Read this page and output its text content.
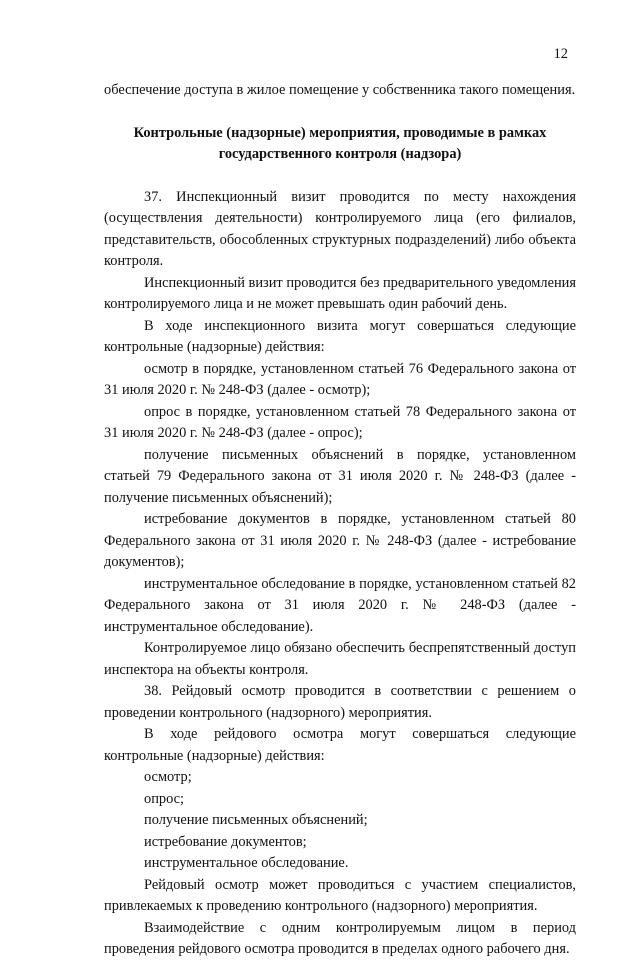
12

обеспечение доступа в жилое помещение у собственника такого помещения.

Контрольные (надзорные) мероприятия, проводимые в рамках
государственного контроля (надзора)

37. Инспекционный визит проводится по месту нахождения (осуществления деятельности) контролируемого лица (его филиалов, представительств, обособленных структурных подразделений) либо объекта контроля.

Инспекционный визит проводится без предварительного уведомления контролируемого лица и не может превышать один рабочий день.

В ходе инспекционного визита могут совершаться следующие контрольные (надзорные) действия:

осмотр в порядке, установленном статьей 76 Федерального закона от 31 июля 2020 г. № 248-ФЗ (далее - осмотр);

опрос в порядке, установленном статьей 78 Федерального закона от 31 июля 2020 г. № 248-ФЗ (далее - опрос);

получение письменных объяснений в порядке, установленном статьей 79 Федерального закона от 31 июля 2020 г. № 248-ФЗ (далее - получение письменных объяснений);

истребование документов в порядке, установленном статьей 80 Федерального закона от 31 июля 2020 г. № 248-ФЗ (далее - истребование документов);

инструментальное обследование в порядке, установленном статьей 82 Федерального закона от 31 июля 2020 г. № 248-ФЗ (далее - инструментальное обследование).

Контролируемое лицо обязано обеспечить беспрепятственный доступ инспектора на объекты контроля.

38. Рейдовый осмотр проводится в соответствии с решением о проведении контрольного (надзорного) мероприятия.

В ходе рейдового осмотра могут совершаться следующие контрольные (надзорные) действия:

осмотр;

опрос;

получение письменных объяснений;

истребование документов;

инструментальное обследование.

Рейдовый осмотр может проводиться с участием специалистов, привлекаемых к проведению контрольного (надзорного) мероприятия.

Взаимодействие с одним контролируемым лицом в период проведения рейдового осмотра проводится в пределах одного рабочего дня.
